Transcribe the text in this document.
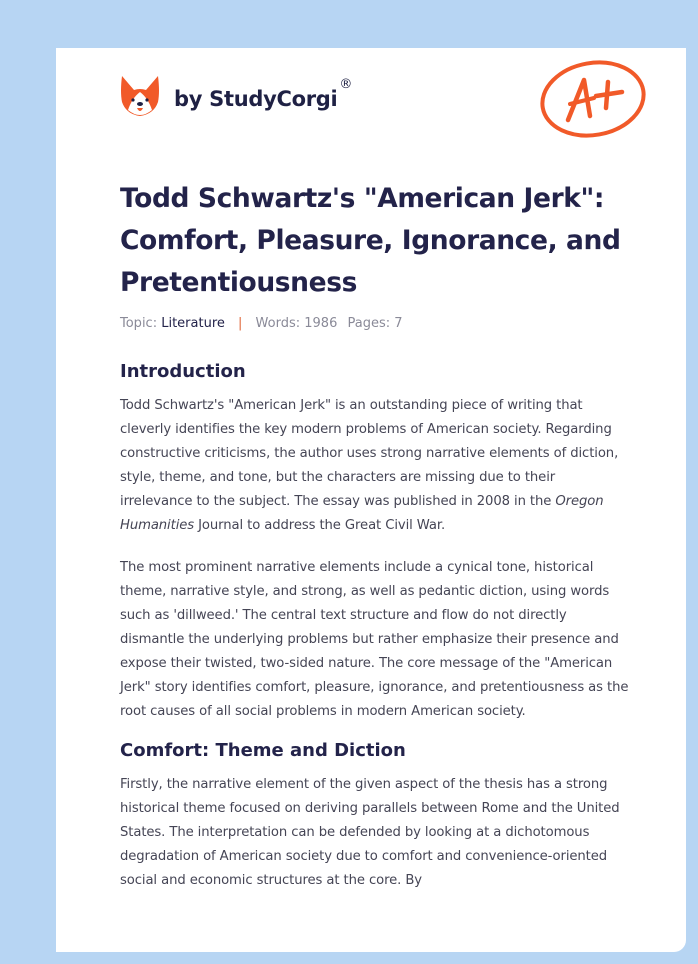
by StudyCorgi®
Todd Schwartz's "American Jerk": Comfort, Pleasure, Ignorance, and Pretentiousness
Topic: Literature | Words: 1986 Pages: 7
Introduction

Todd Schwartz's "American Jerk" is an outstanding piece of writing that cleverly identifies the key modern problems of American society. Regarding constructive criticisms, the author uses strong narrative elements of diction, style, theme, and tone, but the characters are missing due to their irrelevance to the subject. The essay was published in 2008 in the Oregon Humanities Journal to address the Great Civil War.

The most prominent narrative elements include a cynical tone, historical theme, narrative style, and strong, as well as pedantic diction, using words such as 'dillweed.' The central text structure and flow do not directly dismantle the underlying problems but rather emphasize their presence and expose their twisted, two-sided nature. The core message of the "American Jerk" story identifies comfort, pleasure, ignorance, and pretentiousness as the root causes of all social problems in modern American society.

Comfort: Theme and Diction

Firstly, the narrative element of the given aspect of the thesis has a strong historical theme focused on deriving parallels between Rome and the United States. The interpretation can be defended by looking at a dichotomous degradation of American society due to comfort and convenience-oriented social and economic structures at the core. By
